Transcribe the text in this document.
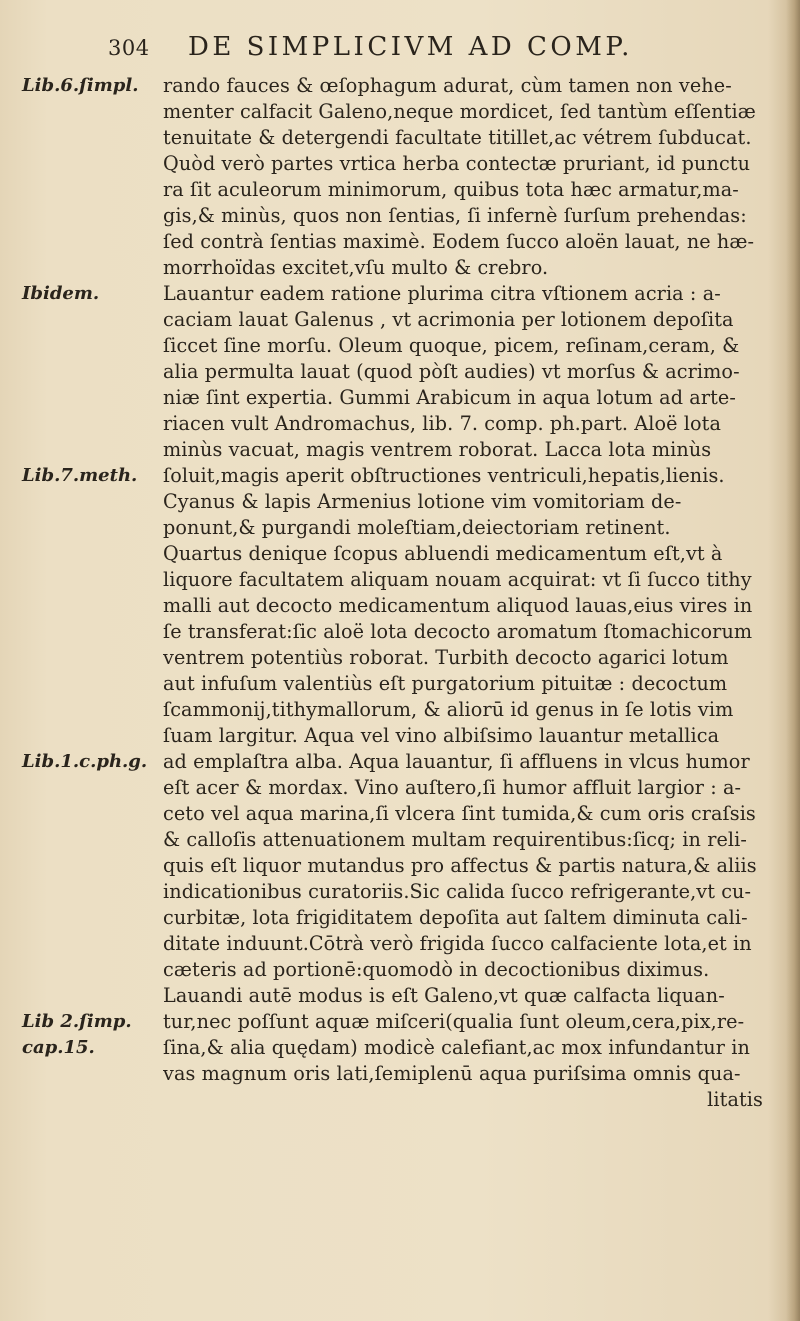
304 DE SIMPLICIVM AD COMP.
Lib.6.ſimpl.
Ibidem.
Lib.7.meth.
Lib.1.c.ph.g.
Lib 2.ſimp.
cap.15.
rando fauces & œſophagum adurat, cùm tamen non vehe-
menter calfacit Galeno,neque mordicet, ſed tantùm eſſentiæ
tenuitate & detergendi facultate titillet,ac vétrem ſubducat.
Quòd verò partes vrtica herba contectæ pruriant, id punctu
ra ſit aculeorum minimorum, quibus tota hæc armatur,ma-
gis,& minùs, quos non ſentias, ſi infernè ſurſum prehendas:
ſed contrà ſentias maximè. Eodem ſucco aloën lauat, ne hæ-
morrhoïdas excitet,vſu multo & crebro.
Lauantur eadem ratione plurima citra vſtionem acria : a-
caciam lauat Galenus , vt acrimonia per lotionem depoſita
ſiccet ſine morſu. Oleum quoque, picem, reſinam,ceram, &
alia permulta lauat (quod pòſt audies) vt morſus & acrimo-
niæ ſint expertia. Gummi Arabicum in aqua lotum ad arte-
riacen vult Andromachus, lib. 7. comp. ph.part. Aloë lota
minùs vacuat, magis ventrem roborat. Lacca lota minùs
ſoluit,magis aperit obſtructiones ventriculi,hepatis,lienis.
Cyanus & lapis Armenius lotione vim vomitoriam de-
ponunt,& purgandi moleſtiam,deiectoriam retinent.
Quartus denique ſcopus abluendi medicamentum eſt,vt à
liquore facultatem aliquam nouam acquirat: vt ſi ſucco tithy
malli aut decocto medicamentum aliquod lauas,eius vires in
ſe transferat:ſic aloë lota decocto aromatum ſtomachicorum
ventrem potentiùs roborat. Turbith decocto agarici lotum
aut infuſum valentiùs eſt purgatorium pituitæ : decoctum
ſcammonij,tithymallorum, & aliorū id genus in ſe lotis vim
ſuam largitur. Aqua vel vino albiſsimo lauantur metallica
ad emplaſtra alba. Aqua lauantur, ſi affluens in vlcus humor
eſt acer & mordax. Vino auſtero,ſi humor affluit largior : a-
ceto vel aqua marina,ſi vlcera ſint tumida,& cum oris craſsis
& calloſis attenuationem multam requirentibus:ſicq; in reli-
quis eſt liquor mutandus pro affectus & partis natura,& aliis
indicationibus curatoriis.Sic calida ſucco refrigerante,vt cu-
curbitæ, lota frigiditatem depoſita aut ſaltem diminuta cali-
ditate induunt.Cōtrà verò frigida ſucco calfaciente lota,et in
cæteris ad portionē:quomodò in decoctionibus diximus.
Lauandi autē modus is eſt Galeno,vt quæ calfacta liquan-
tur,nec poſſunt aquæ miſceri(qualia ſunt oleum,cera,pix,re-
ſina,& alia quędam) modicè calefiant,ac mox infundantur in
vas magnum oris lati,ſemiplenū aqua puriſsima omnis qua-
litatis
